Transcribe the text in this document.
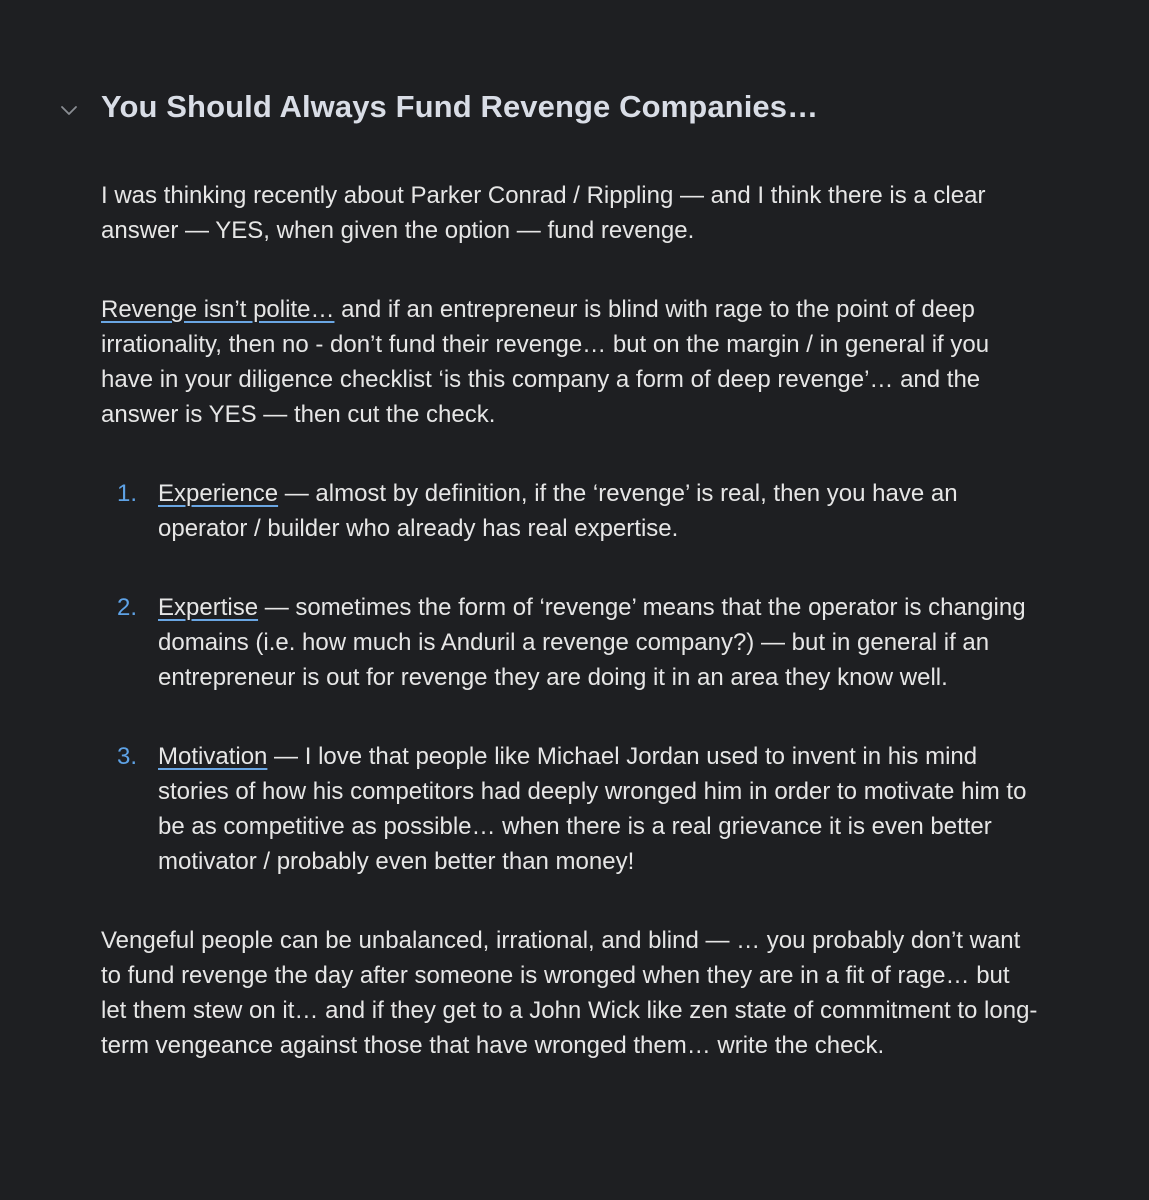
You Should Always Fund Revenge Companies…

I was thinking recently about Parker Conrad / Rippling — and I think there is a clear answer — YES, when given the option — fund revenge.

Revenge isn’t polite… and if an entrepreneur is blind with rage to the point of deep irrationality, then no - don’t fund their revenge… but on the margin / in general if you have in your diligence checklist ‘is this company a form of deep revenge’… and the answer is YES — then cut the check.

1. Experience — almost by definition, if the ‘revenge’ is real, then you have an operator / builder who already has real expertise.
2. Expertise — sometimes the form of ‘revenge’ means that the operator is changing domains (i.e. how much is Anduril a revenge company?) — but in general if an entrepreneur is out for revenge they are doing it in an area they know well.
3. Motivation — I love that people like Michael Jordan used to invent in his mind stories of how his competitors had deeply wronged him in order to motivate him to be as competitive as possible… when there is a real grievance it is even better motivator / probably even better than money!

Vengeful people can be unbalanced, irrational, and blind — … you probably don’t want to fund revenge the day after someone is wronged when they are in a fit of rage… but let them stew on it… and if they get to a John Wick like zen state of commitment to long-term vengeance against those that have wronged them… write the check.
